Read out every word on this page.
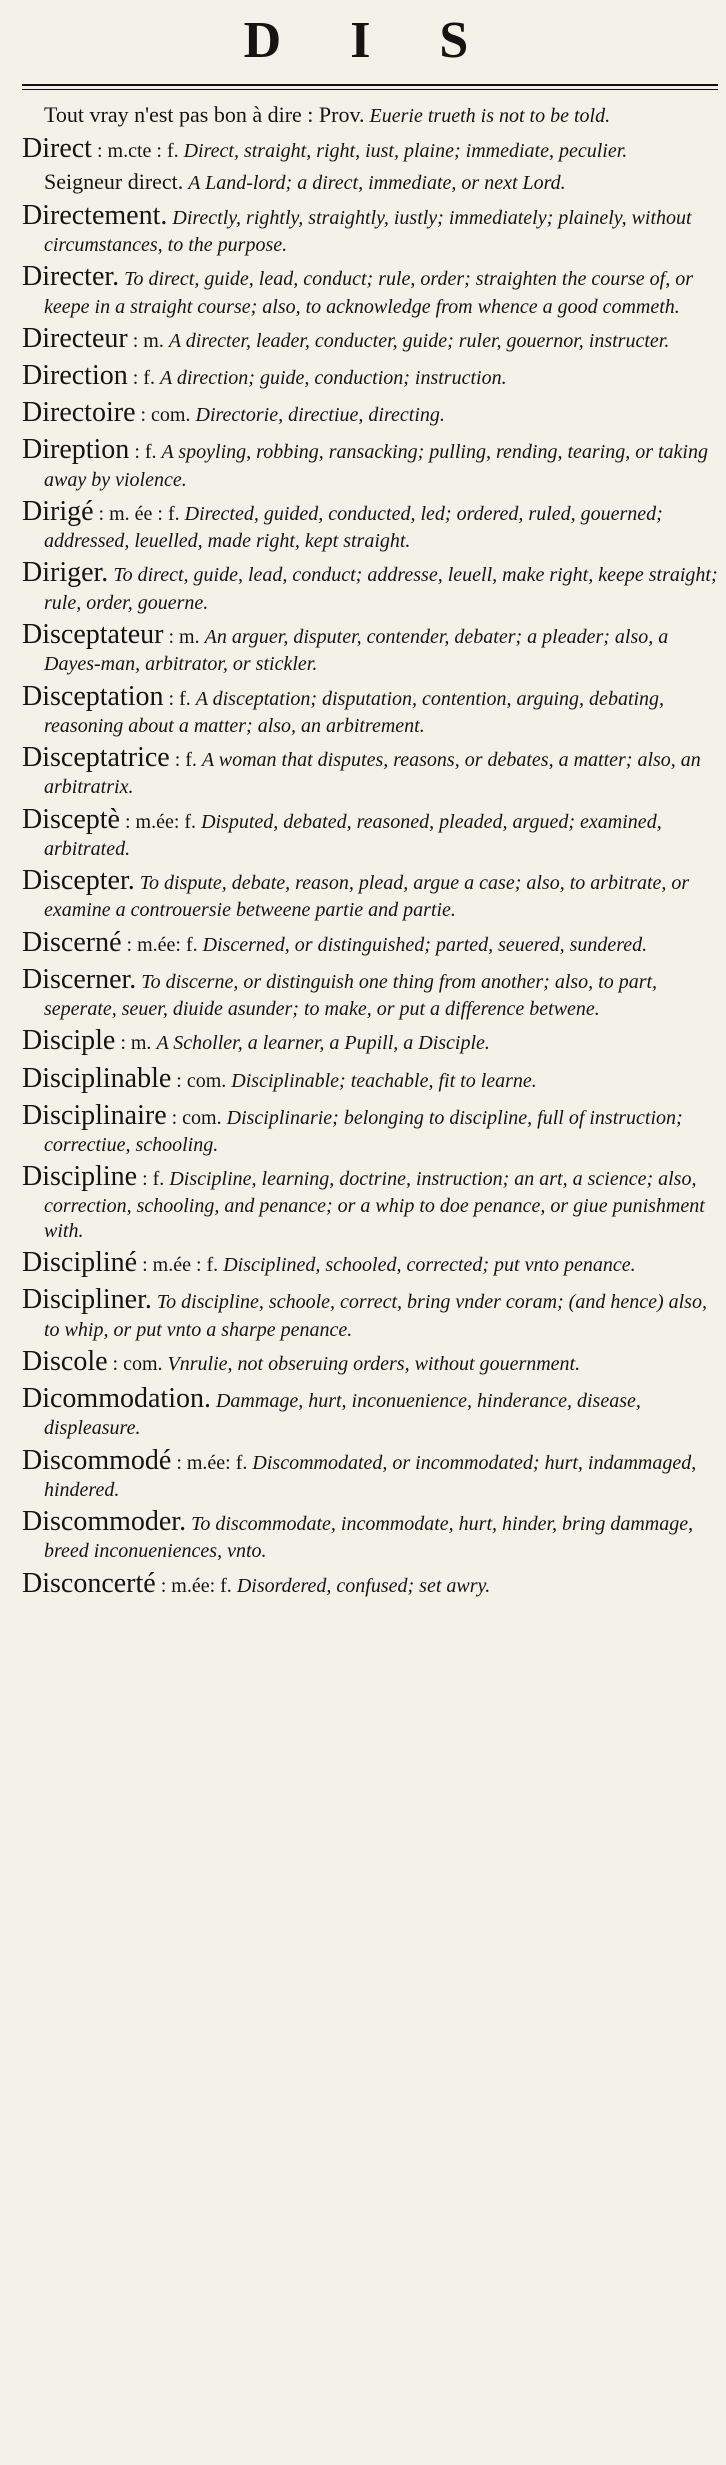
D I S
Tout vray n'est pas bon à dire : Prov. Euerie trueth is not to be told.
Direct : m.cte : f. Direct, straight, right, iust, plaine; immediate, peculier.
Seigneur direct. A Land-lord; a direct, immediate, or next Lord.
Directement. Directly, rightly, straightly, iustly; immediately; plainely, without circumstances, to the purpose.
Directer. To direct, guide, lead, conduct; rule, order; straighten the course of, or keepe in a straight course; also, to acknowledge from whence a good commeth.
Directeur : m. A directer, leader, conducter, guide; ruler, gouernor, instructer.
Direction : f. A direction; guide, conduction; instruction.
Directoire : com. Directorie, directiue, directing.
Direption : f. A spoyling, robbing, ransacking; pulling, rending, tearing, or taking away by violence.
Dirigé : m. ée : f. Directed, guided, conducted, led; ordered, ruled, gouerned; addressed, leuelled, made right, kept straight.
Diriger. To direct, guide, lead, conduct; addresse, leuell, make right, keepe straight; rule, order, gouerne.
Disceptateur : m. An arguer, disputer, contender, debater; a pleader; also, a Dayes-man, arbitrator, or stickler.
Disceptation : f. A disceptation; disputation, contention, arguing, debating, reasoning about a matter; also, an arbitrement.
Disceptatrice : f. A woman that disputes, reasons, or debates, a matter; also, an arbitratrix.
Disceptè : m.ée: f. Disputed, debated, reasoned, pleaded, argued; examined, arbitrated.
Discepter. To dispute, debate, reason, plead, argue a case; also, to arbitrate, or examine a controuersie betweene partie and partie.
Discerné : m.ée: f. Discerned, or distinguished; parted, seuered, sundered.
Discerner. To discerne, or distinguish one thing from another; also, to part, seperate, seuer, diuide asunder; to make, or put a difference betwene.
Disciple : m. A Scholler, a learner, a Pupill, a Disciple.
Disciplinable : com. Disciplinable; teachable, fit to learne.
Disciplinaire : com. Disciplinarie; belonging to discipline, full of instruction; correctiue, schooling.
Discipline : f. Discipline, learning, doctrine, instruction; an art, a science; also, correction, schooling, and penance; or a whip to doe penance, or giue punishment with.
Discipliné : m.ée : f. Disciplined, schooled, corrected; put vnto penance.
Discipliner. To discipline, schoole, correct, bring vnder coram; (and hence) also, to whip, or put vnto a sharpe penance.
Discole : com. Vnrulie, not obseruing orders, without gouernment.
Dicommodation. Dammage, hurt, inconuenience, hinderance, disease, displeasure.
Discommodé : m.ée: f. Discommodated, or incommodated; hurt, indammaged, hindered.
Discommoder. To discommodate, incommodate, hurt, hinder, bring dammage, breed inconueniences, vnto.
Disconcerté : m.ée: f. Disordered, confused; set awry.
